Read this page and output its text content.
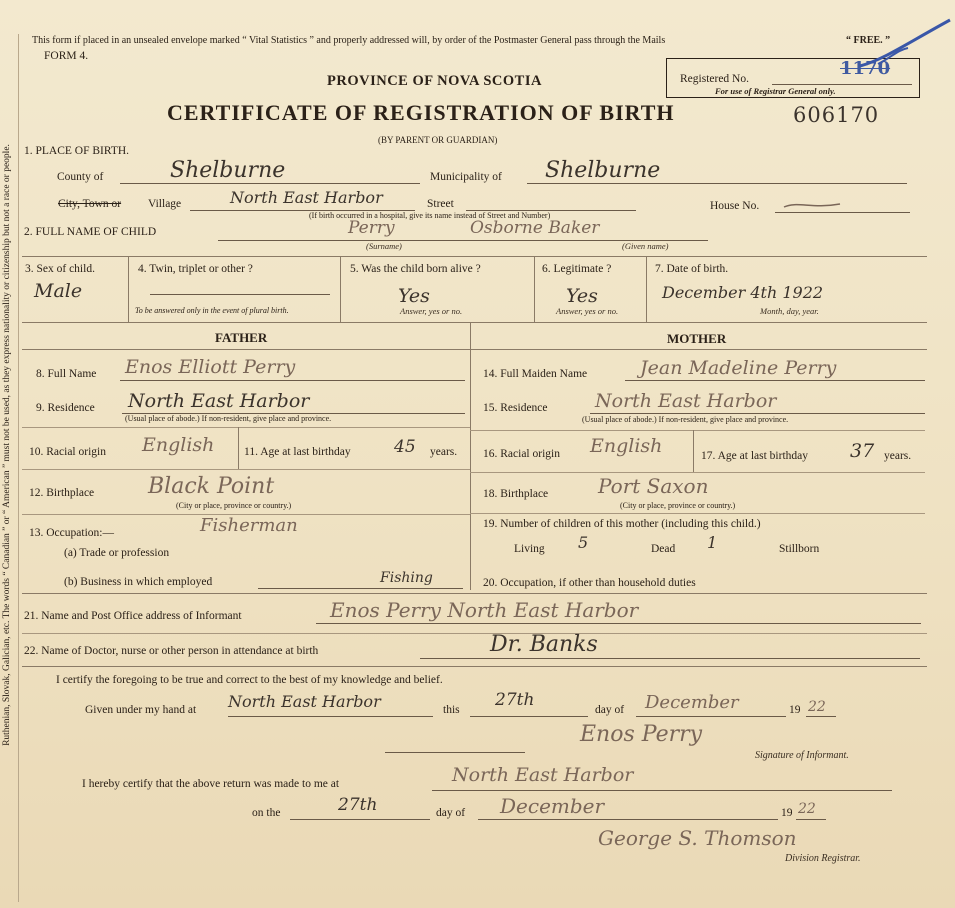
Ruthenian, Slovak, Galician, etc. The words “ Canadian ” or “ American ” must not be used, as they express nationality or citizenship but not a race or people.
This form if placed in an unsealed envelope marked “ Vital Statistics ” and properly addressed will, by order of the Postmaster General pass through the Mails	“ FREE. ”
FORM 4.
PROVINCE OF NOVA SCOTIA
CERTIFICATE OF REGISTRATION OF BIRTH
(BY PARENT OR GUARDIAN)
606170
Registered No.	1170
For use of Registrar General only.
1. PLACE OF BIRTH.
County of	Shelburne	Municipality of Shelburne
City, Town or Village	North East Harbor	Street
(If birth occurred in a hospital, give its name instead of Street and Number)
House No.
2. FULL NAME OF CHILD	Perry	Osborne Baker
(Surname)	(Given name)
3. Sex of child.
Male
4. Twin, triplet or other ?
To be answered only in the event of plural birth.
5. Was the child born alive ?
Yes
Answer, yes or no.
6. Legitimate ?
Yes
Answer, yes or no.
7. Date of birth.
December 4th 1922
Month, day, year.
FATHER	MOTHER
8. Full Name Enos Elliott Perry
9. Residence North East Harbor
(Usual place of abode.) If non-resident, give place and province.
10. Racial origin English	11. Age at last birthday	45 years.
12. Birthplace Black Point
(City or place, province or country.)
13. Occupation:—	Fisherman
(a) Trade or profession
(b) Business in which employed	Fishing
14. Full Maiden Name	Jean Madeline Perry
15. Residence North East Harbor
(Usual place of abode.) If non-resident, give place and province.
16. Racial origin English	17. Age at last birthday 37 years.
18. Birthplace Port Saxon
(City or place, province or country.)
19. Number of children of this mother (including this child.)
Living 5	Dead 1	Stillborn
20. Occupation, if other than household duties
21. Name and Post Office address of Informant	Enos Perry North East Harbor
22. Name of Doctor, nurse or other person in attendance at birth	Dr. Banks
I certify the foregoing to be true and correct to the best of my knowledge and belief.
Given under my hand at North East Harbor	this 27th	day of December	19 22
Enos Perry
Signature of Informant.
I hereby certify that the above return was made to me at	North East Harbor
on the	27th	day of December	19 22
George S. Thomson
Division Registrar.
